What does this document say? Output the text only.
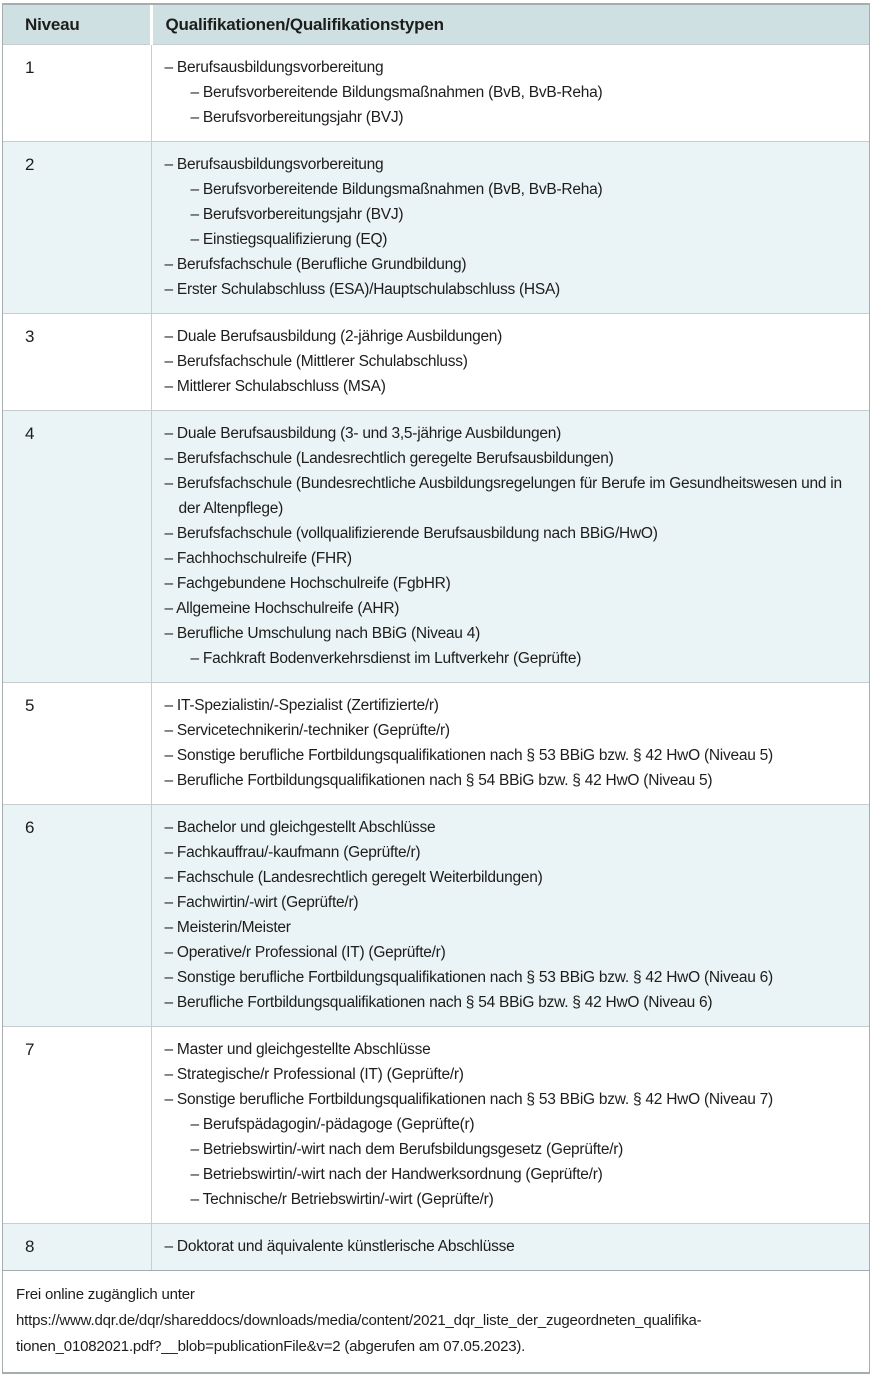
Niveau	Qualifikationen/Qualifikationstypen
1	– Berufsausbildungsvorbereitung
– Berufsvorbereitende Bildungsmaßnahmen (BvB, BvB-Reha)
– Berufsvorbereitungsjahr (BVJ)

2	– Berufsausbildungsvorbereitung
– Berufsvorbereitende Bildungsmaßnahmen (BvB, BvB-Reha)
– Berufsvorbereitungsjahr (BVJ)
– Einstiegsqualifizierung (EQ)
– Berufsfachschule (Berufliche Grundbildung)
– Erster Schulabschluss (ESA)/Hauptschulabschluss (HSA)

3	– Duale Berufsausbildung (2-jährige Ausbildungen)
– Berufsfachschule (Mittlerer Schulabschluss)
– Mittlerer Schulabschluss (MSA)

4	– Duale Berufsausbildung (3- und 3,5-jährige Ausbildungen)
– Berufsfachschule (Landesrechtlich geregelte Berufsausbildungen)
– Berufsfachschule (Bundesrechtliche Ausbildungsregelungen für Berufe im Gesundheitswesen und in der Altenpflege)
– Berufsfachschule (vollqualifizierende Berufsausbildung nach BBiG/HwO)
– Fachhochschulreife (FHR)
– Fachgebundene Hochschulreife (FgbHR)
– Allgemeine Hochschulreife (AHR)
– Berufliche Umschulung nach BBiG (Niveau 4)
– Fachkraft Bodenverkehrsdienst im Luftverkehr (Geprüfte)

5	– IT-Spezialistin/-Spezialist (Zertifizierte/r)
– Servicetechnikerin/-techniker (Geprüfte/r)
– Sonstige berufliche Fortbildungsqualifikationen nach § 53 BBiG bzw. § 42 HwO (Niveau 5)
– Berufliche Fortbildungsqualifikationen nach § 54 BBiG bzw. § 42 HwO (Niveau 5)

6	– Bachelor und gleichgestellt Abschlüsse
– Fachkauffrau/-kaufmann (Geprüfte/r)
– Fachschule (Landesrechtlich geregelt Weiterbildungen)
– Fachwirtin/-wirt (Geprüfte/r)
– Meisterin/Meister
– Operative/r Professional (IT) (Geprüfte/r)
– Sonstige berufliche Fortbildungsqualifikationen nach § 53 BBiG bzw. § 42 HwO (Niveau 6)
– Berufliche Fortbildungsqualifikationen nach § 54 BBiG bzw. § 42 HwO (Niveau 6)

7	– Master und gleichgestellte Abschlüsse
– Strategische/r Professional (IT) (Geprüfte/r)
– Sonstige berufliche Fortbildungsqualifikationen nach § 53 BBiG bzw. § 42 HwO (Niveau 7)
– Berufspädagogin/-pädagoge (Geprüfte(r)
– Betriebswirtin/-wirt nach dem Berufsbildungsgesetz (Geprüfte/r)
– Betriebswirtin/-wirt nach der Handwerksordnung (Geprüfte/r)
– Technische/r Betriebswirtin/-wirt (Geprüfte/r)

8	– Doktorat und äquivalente künstlerische Abschlüsse
Frei online zugänglich unter https://www.dqr.de/dqr/shareddocs/downloads/media/content/2021_dqr_liste_der_zugeordneten_qualifika-
tionen_01082021.pdf?__blob=publicationFile&v=2 (abgerufen am 07.05.2023).
